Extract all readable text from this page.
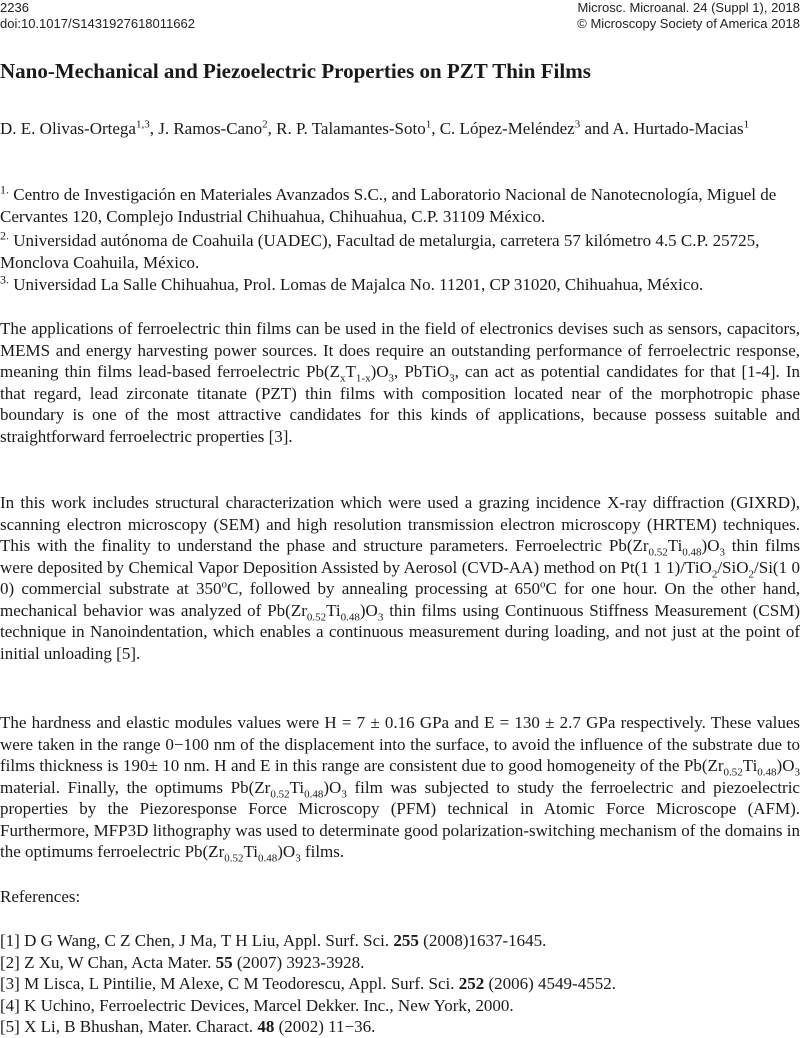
2236	Microsc. Microanal. 24 (Suppl 1), 2018
doi:10.1017/S1431927618011662	© Microscopy Society of America 2018
Nano-Mechanical and Piezoelectric Properties on PZT Thin Films
D. E. Olivas-Ortega$^{1,3}$, J. Ramos-Cano$^2$, R. P. Talamantes-Soto$^1$, C. López-Meléndez$^3$ and A. Hurtado-Macias$^1$
$^{1.}$ Centro de Investigación en Materiales Avanzados S.C., and Laboratorio Nacional de Nanotecnología, Miguel de Cervantes 120, Complejo Industrial Chihuahua, Chihuahua, C.P. 31109 México.
$^{2.}$ Universidad autónoma de Coahuila (UADEC), Facultad de metalurgia, carretera 57 kilómetro 4.5 C.P. 25725, Monclova Coahuila, México.
$^{3.}$ Universidad La Salle Chihuahua, Prol. Lomas de Majalca No. 11201, CP 31020, Chihuahua, México.

The applications of ferroelectric thin films can be used in the field of electronics devises such as sensors, capacitors, MEMS and energy harvesting power sources. It does require an outstanding performance of ferroelectric response, meaning thin films lead-based ferroelectric $Pb(Z_xT_{1-x})O_3$, PbTiO$_3$, can act as potential candidates for that [1-4]. In that regard, lead zirconate titanate (PZT) thin films with composition located near of the morphotropic phase boundary is one of the most attractive candidates for this kinds of applications, because possess suitable and straightforward ferroelectric properties [3].

In this work includes structural characterization which were used a grazing incidence X-ray diffraction (GIXRD), scanning electron microscopy (SEM) and high resolution transmission electron microscopy (HRTEM) techniques. This with the finality to understand the phase and structure parameters. Ferroelectric $Pb(Zr_{0.52}Ti_{0.48})O_3$ thin films were deposited by Chemical Vapor Deposition Assisted by Aerosol (CVD-AA) method on Pt(1 1 1)/TiO$_2$/SiO$_2$/Si(1 0 0) commercial substrate at 350$^o$C, followed by annealing processing at 650$^o$C for one hour. On the other hand, mechanical behavior was analyzed of $Pb(Zr_{0.52}Ti_{0.48})O_3$ thin films using Continuous Stiffness Measurement (CSM) technique in Nanoindentation, which enables a continuous measurement during loading, and not just at the point of initial unloading [5].

The hardness and elastic modules values were H = 7 ± 0.16 GPa and E = 130 ± 2.7 GPa respectively. These values were taken in the range 0−100 nm of the displacement into the surface, to avoid the influence of the substrate due to films thickness is 190± 10 nm. H and E in this range are consistent due to good homogeneity of the $Pb(Zr_{0.52}Ti_{0.48})O_3$ material. Finally, the optimums $Pb(Zr_{0.52}Ti_{0.48})O_3$ film was subjected to study the ferroelectric and piezoelectric properties by the Piezoresponse Force Microscopy (PFM) technical in Atomic Force Microscope (AFM). Furthermore, MFP3D lithography was used to determinate good polarization-switching mechanism of the domains in the optimums ferroelectric $Pb(Zr_{0.52}Ti_{0.48})O_3$ films.

References:

[1] D G Wang, C Z Chen, J Ma, T H Liu, Appl. Surf. Sci. 255 (2008)1637-1645.
[2] Z Xu, W Chan, Acta Mater. 55 (2007) 3923-3928.
[3] M Lisca, L Pintilie, M Alexe, C M Teodorescu, Appl. Surf. Sci. 252 (2006) 4549-4552.
[4] K Uchino, Ferroelectric Devices, Marcel Dekker. Inc., New York, 2000.
[5] X Li, B Bhushan, Mater. Charact. 48 (2002) 11−36.
